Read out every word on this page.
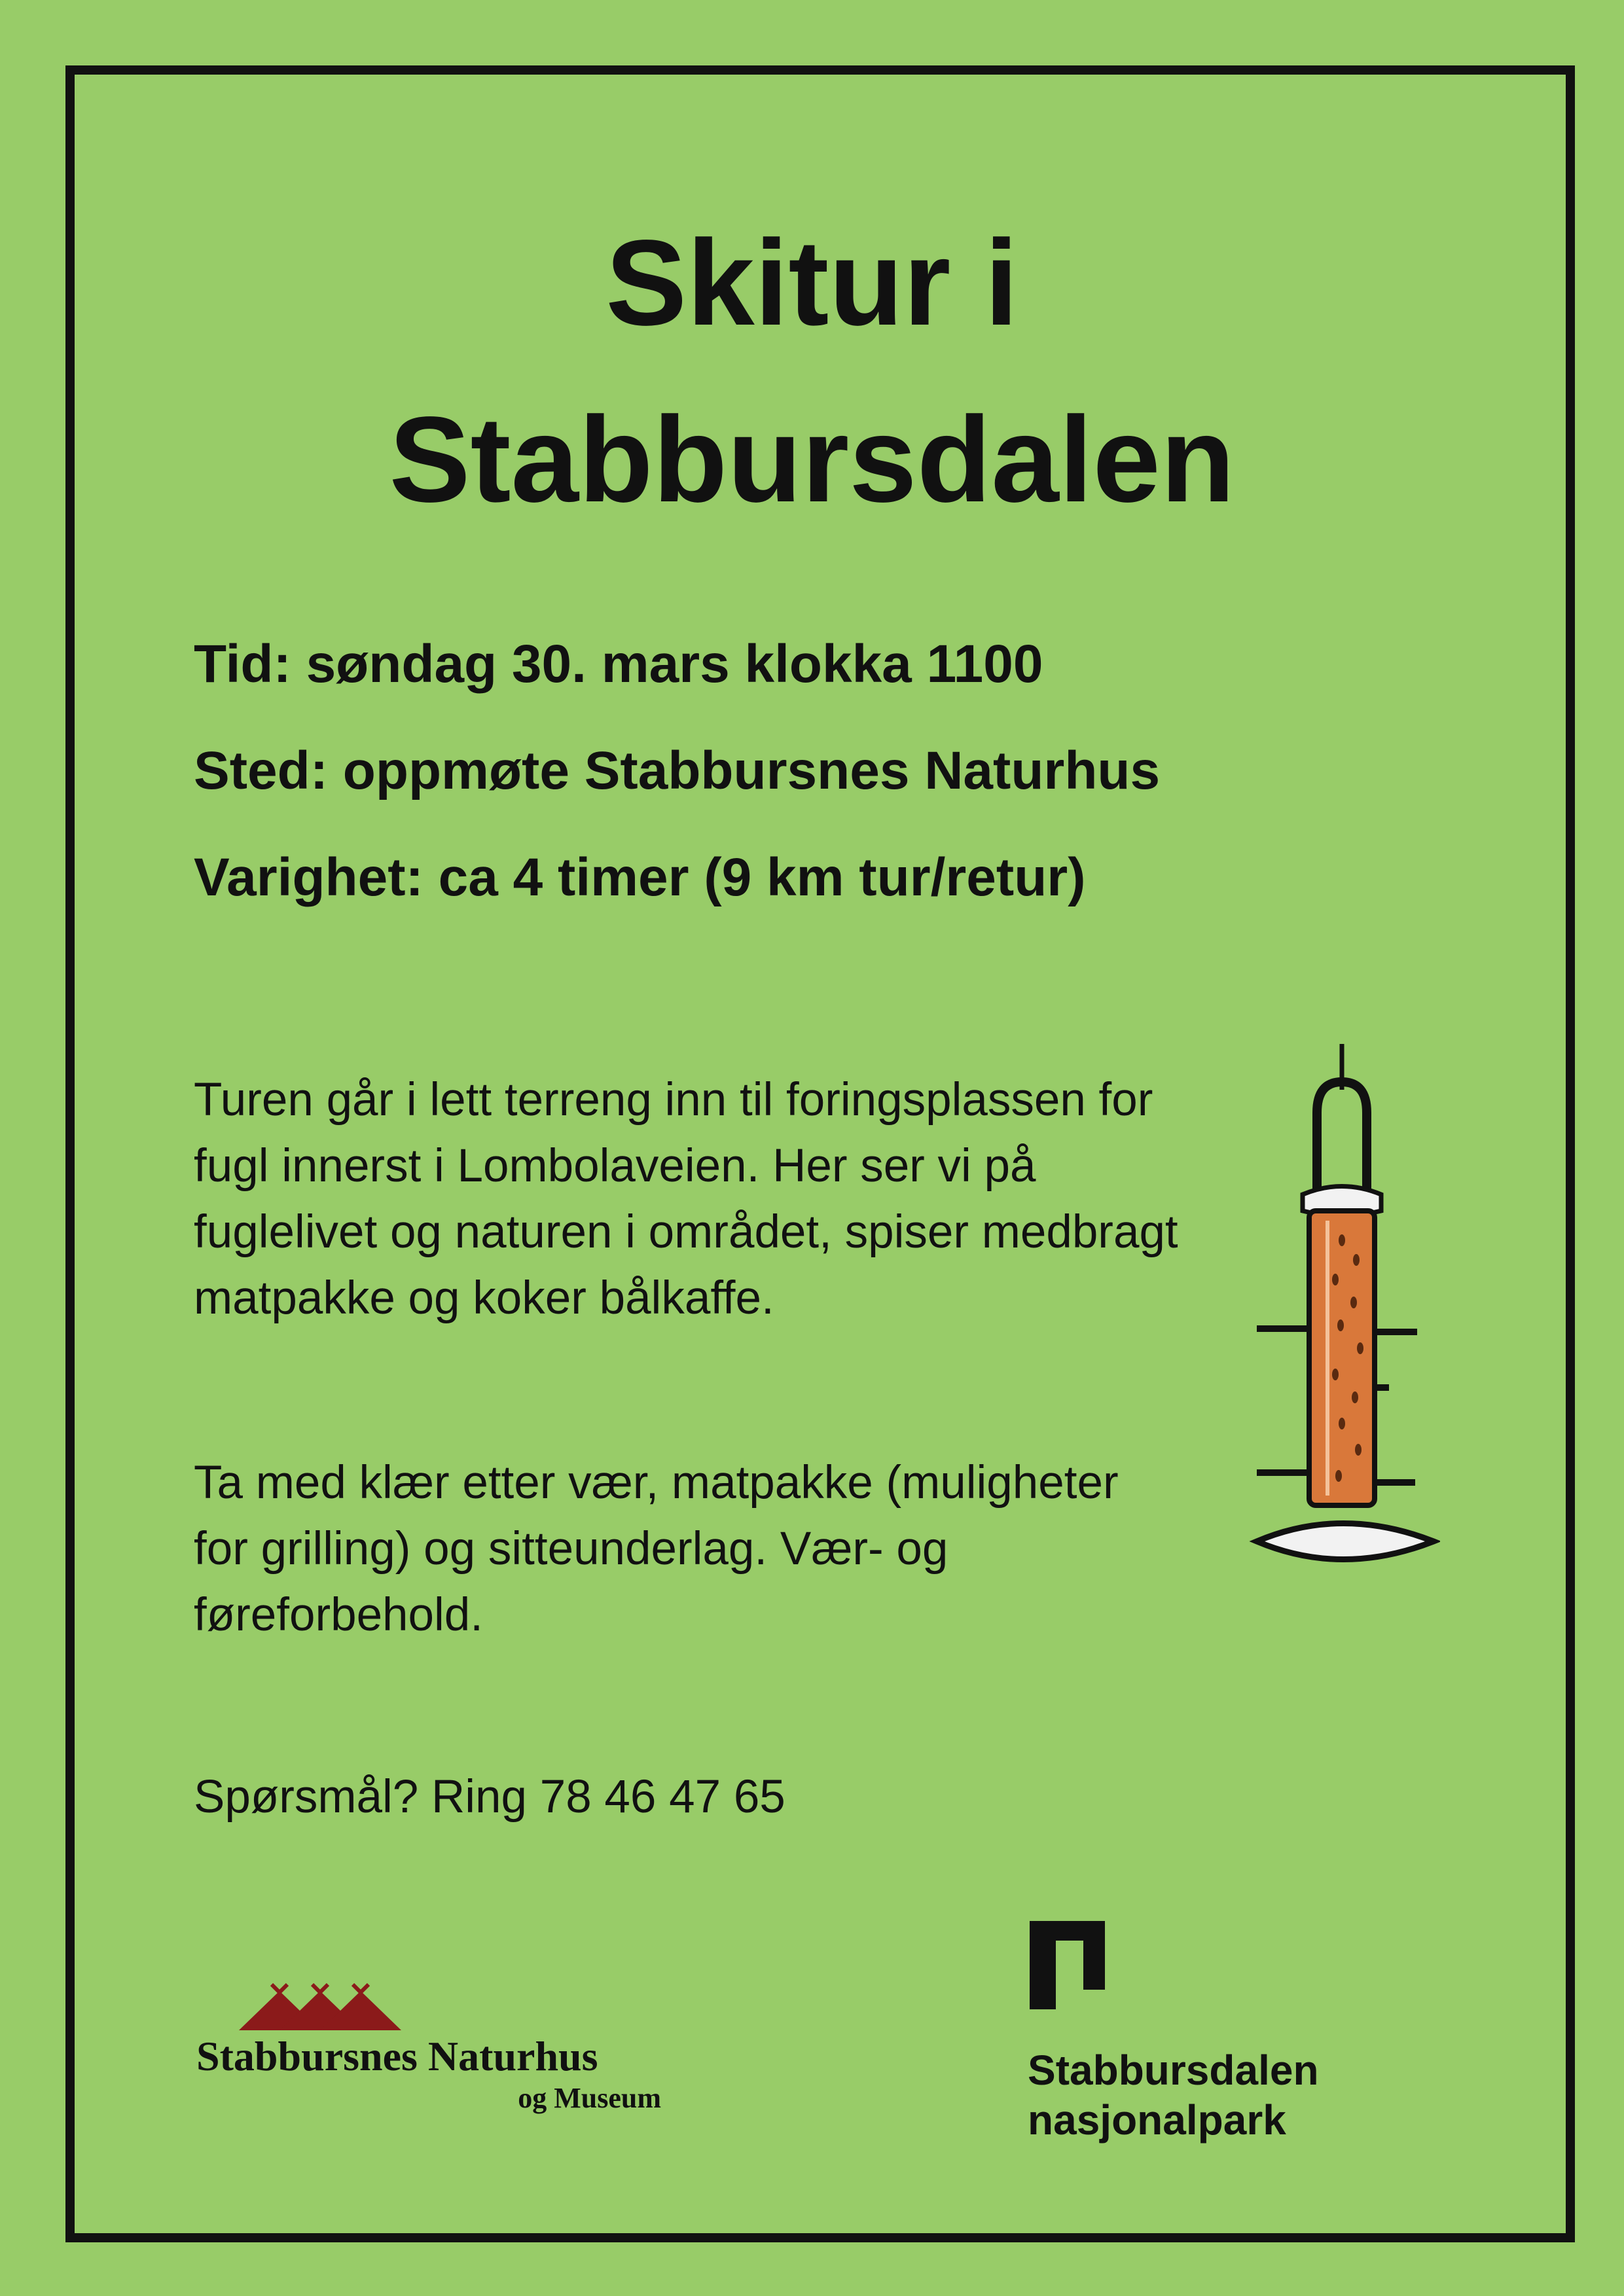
Skitur i
Stabbursdalen
Tid: søndag 30. mars klokka 1100
Sted: oppmøte Stabbursnes Naturhus
Varighet: ca 4 timer (9 km tur/retur)

Turen går i lett terreng inn til foringsplassen for
fugl innerst i Lombolaveien. Her ser vi på
fuglelivet og naturen i området, spiser medbragt
matpakke og koker bålkaffe.

Ta med klær etter vær, matpakke (muligheter
for grilling) og sitteunderlag. Vær- og
føreforbehold.

Spørsmål? Ring 78 46 47 65

Stabbursnes Naturhus
og Museum
Stabbursdalen
nasjonalpark
